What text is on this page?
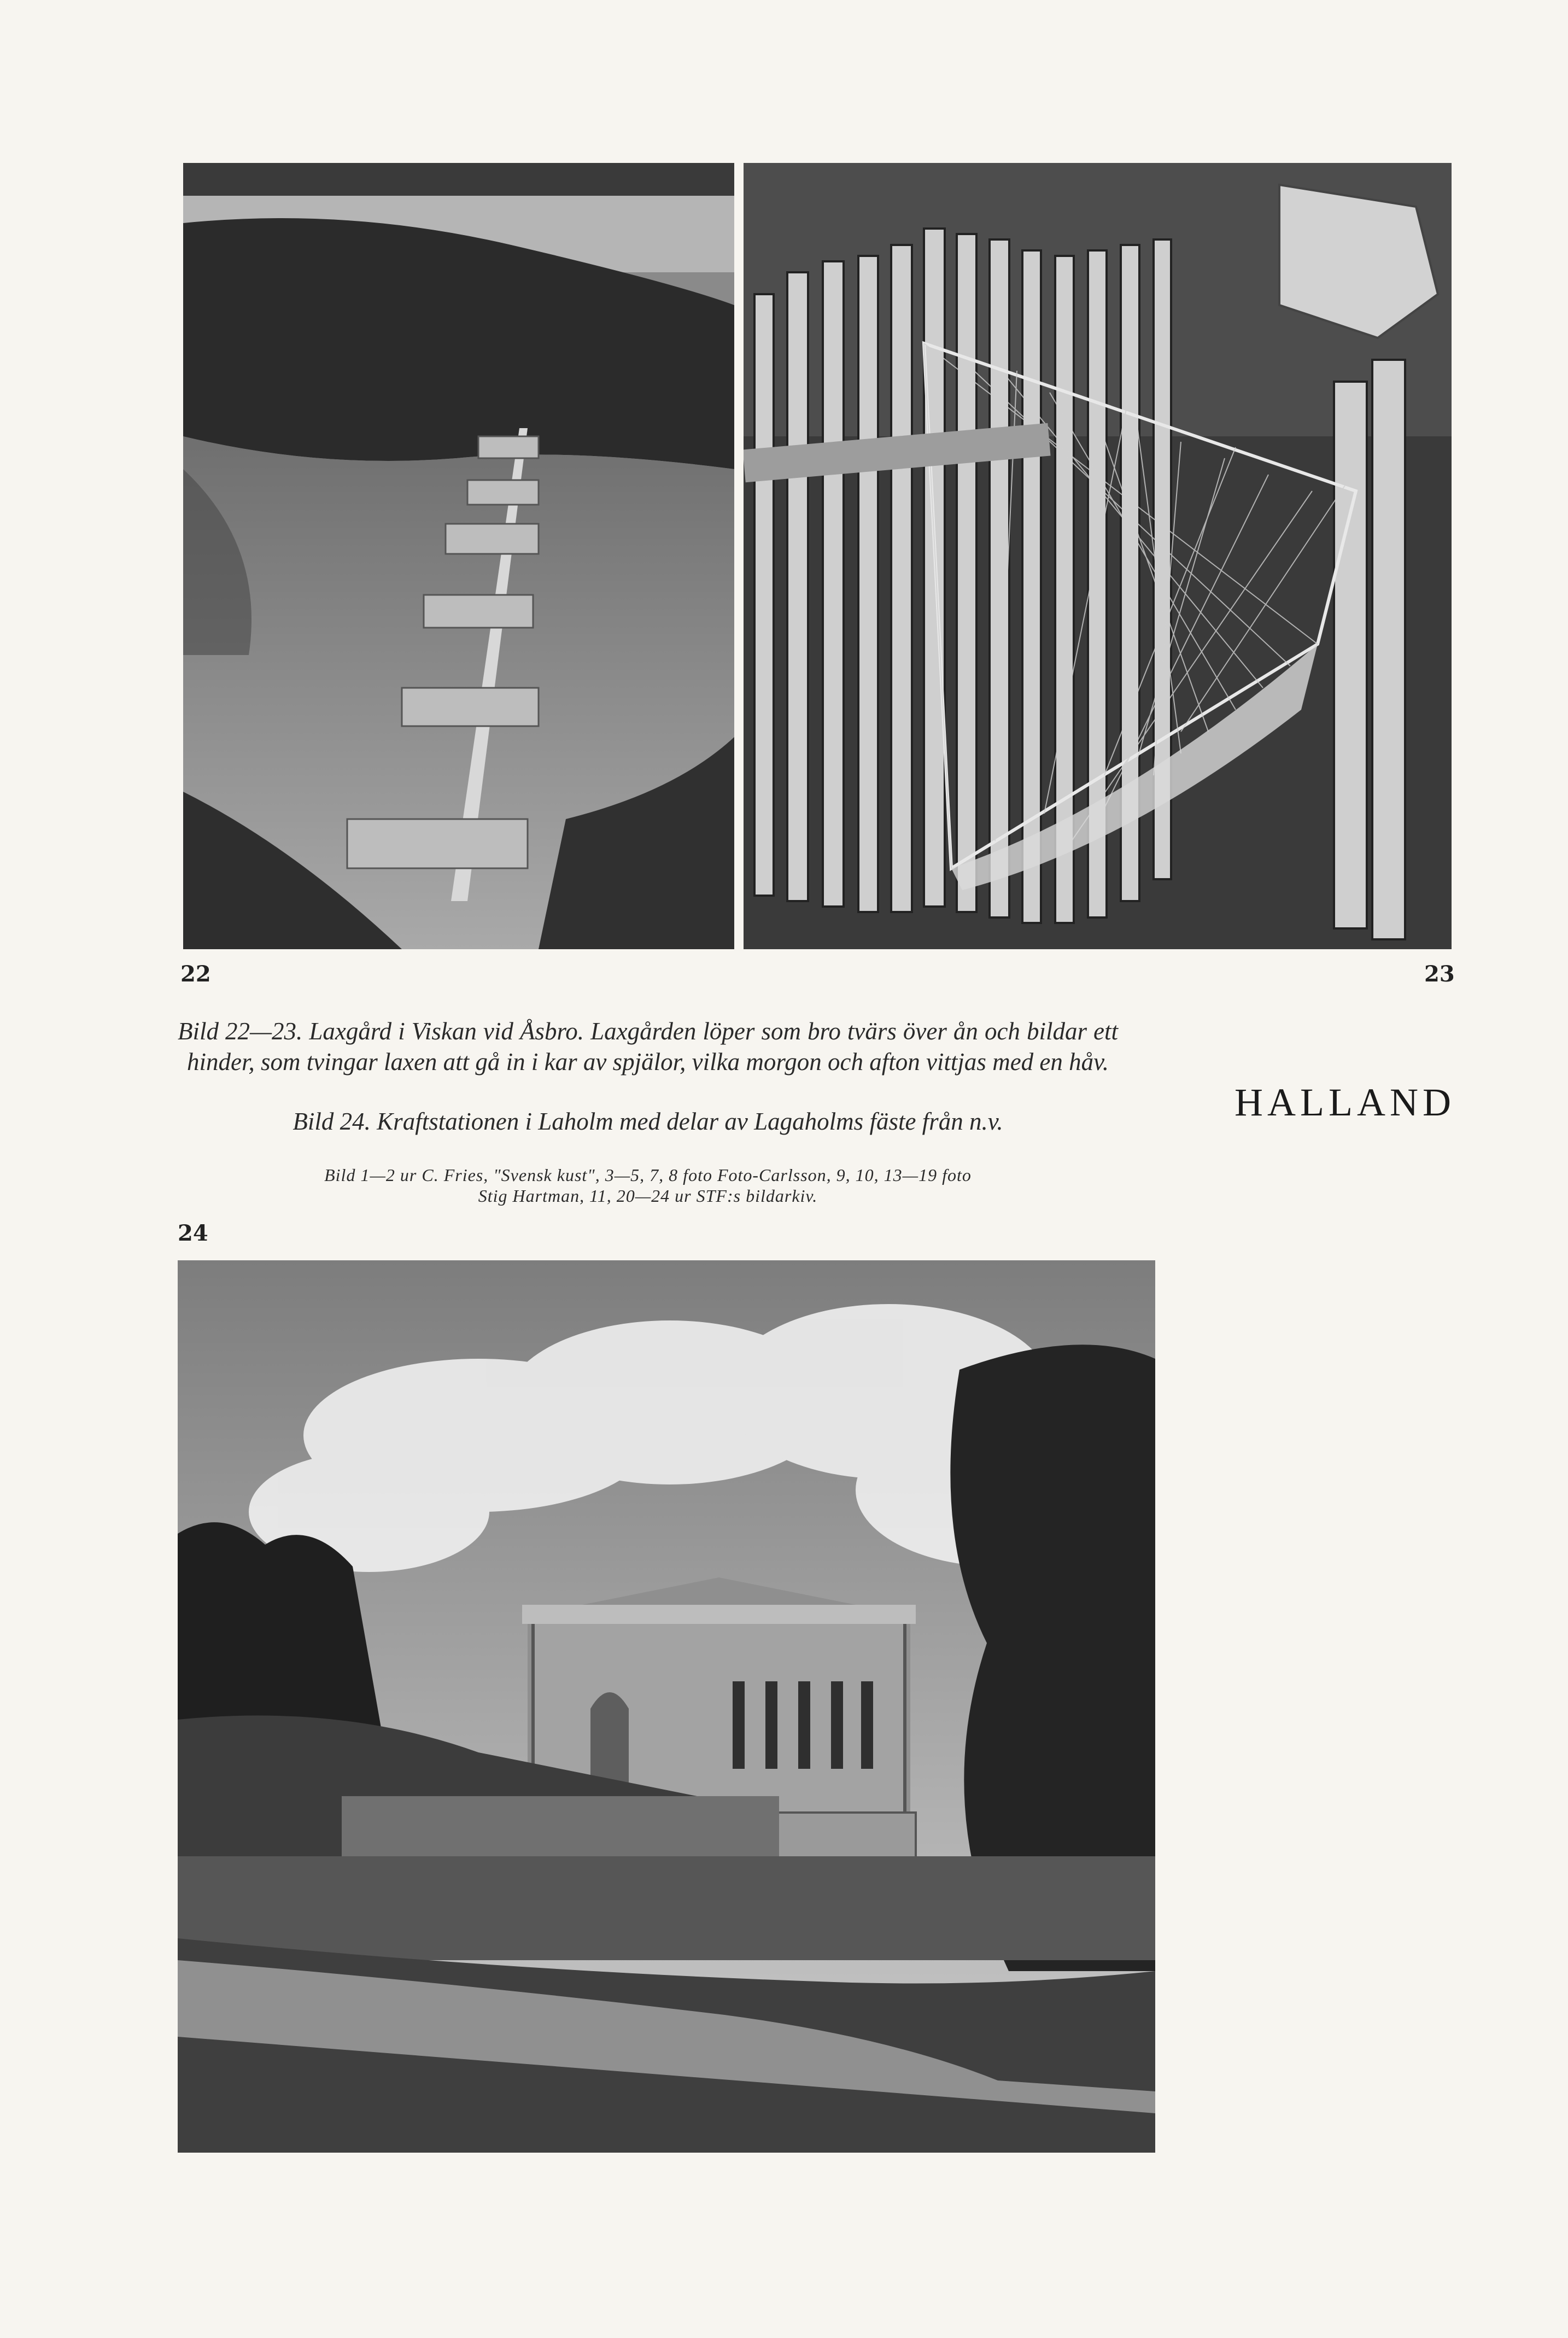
22	23
Bild 22—23. Laxgård i Viskan vid Åsbro. Laxgården löper som bro tvärs över ån och bildar ett hinder, som tvingar laxen att gå in i kar av spjälor, vilka morgon och afton vittjas med en håv.
Bild 24. Kraftstationen i Laholm med delar av Lagaholms fäste från n.v.
Bild 1—2 ur C. Fries, "Svensk kust", 3—5, 7, 8 foto Foto-Carlsson, 9, 10, 13—19 foto
Stig Hartman, 11, 20—24 ur STF:s bildarkiv.
HALLAND
24
